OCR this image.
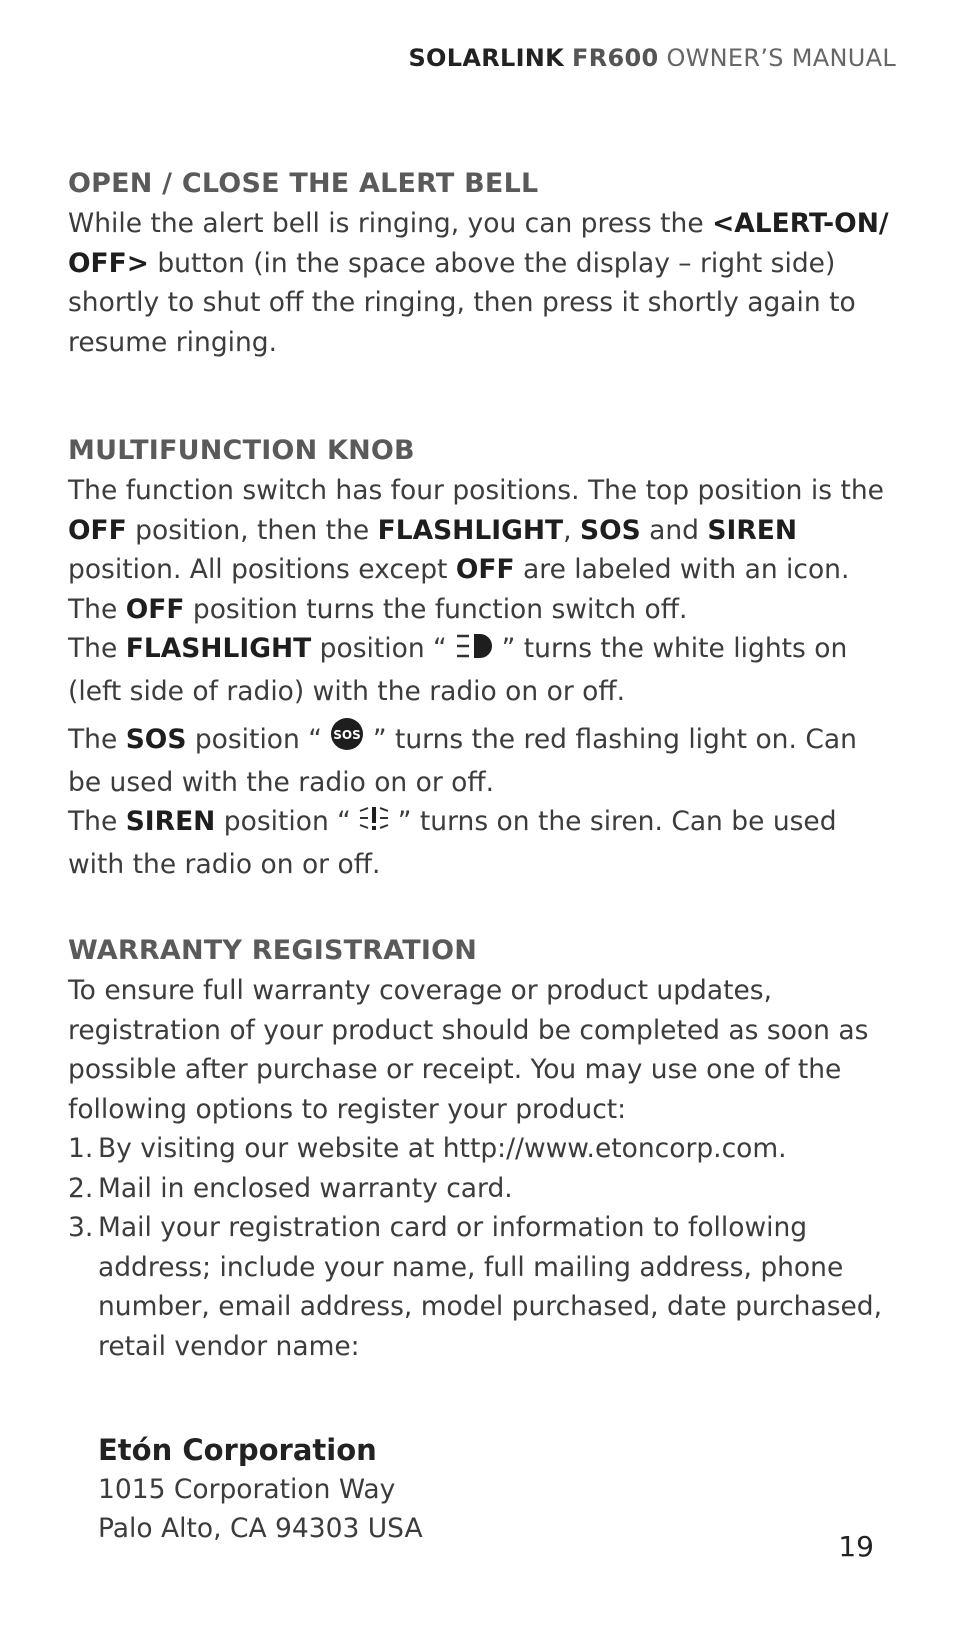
SOLARLINK FR600 OWNER’S MANUAL
OPEN / CLOSE THE ALERT BELL

While the alert bell is ringing, you can press the <ALERT-ON/ OFF> button (in the space above the display – right side) shortly to shut off the ringing, then press it shortly again to resume ringing.

MULTIFUNCTION KNOB

The function switch has four positions. The top position is the OFF position, then the FLASHLIGHT, SOS and SIREN position. All positions except OFF are labeled with an icon.

The OFF position turns the function switch off.

The FLASHLIGHT position “  ” turns the white lights on (left side of radio) with the radio on or off.

The SOS position “ SOS ” turns the red flashing light on. Can be used with the radio on or off.

The SIREN position “  ” turns on the siren. Can be used with the radio on or off.

WARRANTY REGISTRATION

To ensure full warranty coverage or product updates, registration of your product should be completed as soon as possible after purchase or receipt. You may use one of the following options to register your product:

1. By visiting our website at http://www.etoncorp.com.
2. Mail in enclosed warranty card.
3. Mail your registration card or information to following address; include your name, full mailing address, phone number, email address, model purchased, date purchased, retail vendor name:
Etón Corporation
1015 Corporation Way
Palo Alto, CA 94303 USA
19
